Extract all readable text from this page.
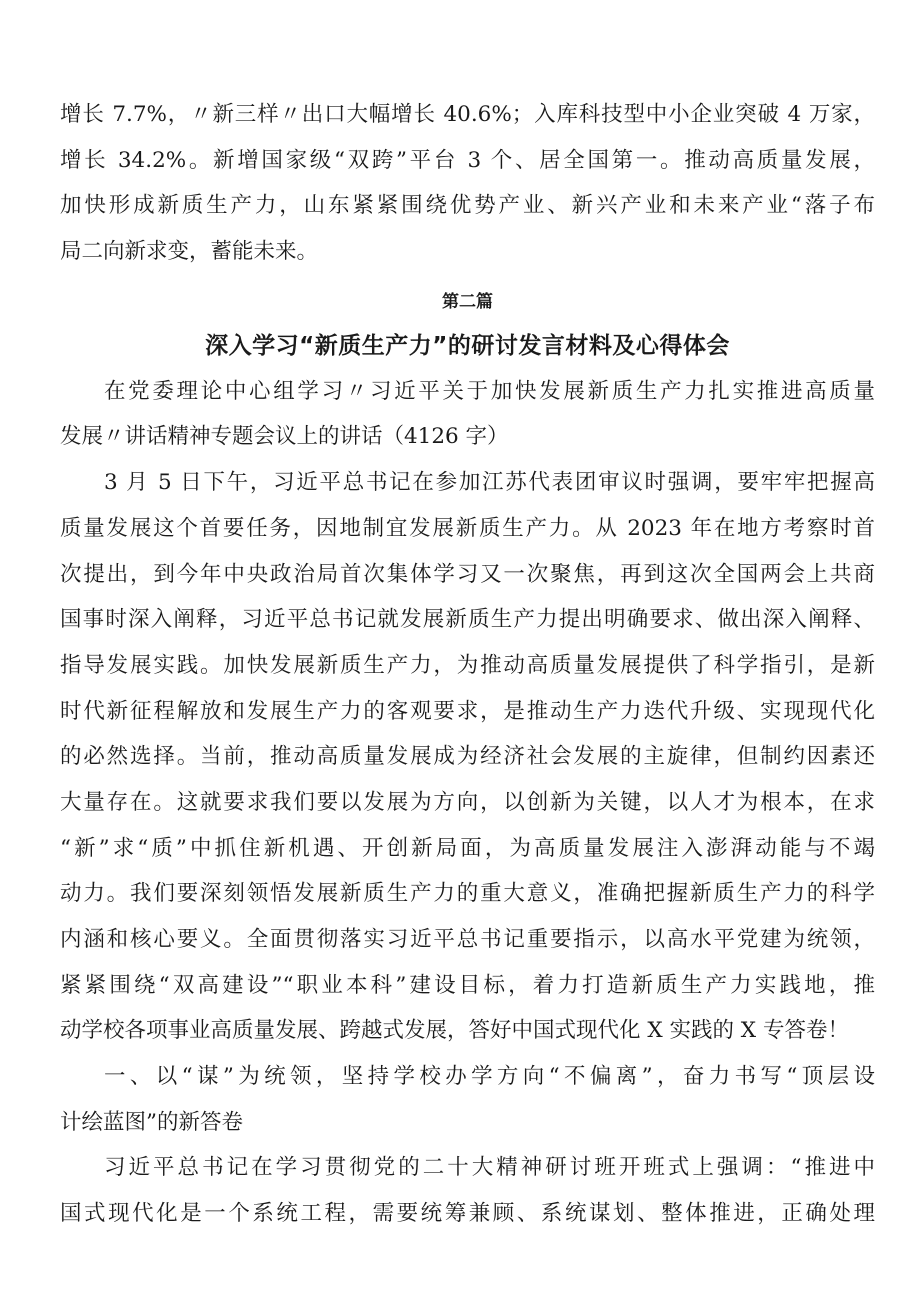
增长 7.7%，〃新三样〃出口大幅增长 40.6%；入库科技型中小企业突破 4 万家，
增长 34.2%。新增国家级“双跨”平台 3 个、居全国第一。推动高质量发展，
加快形成新质生产力，山东紧紧围绕优势产业、新兴产业和未来产业“落子布
局二向新求变，蓄能未来。
第二篇
深入学习“新质生产力”的研讨发言材料及心得体会
在党委理论中心组学习〃习近平关于加快发展新质生产力扎实推进高质量
发展〃讲话精神专题会议上的讲话（4126 字）
3 月 5 日下午，习近平总书记在参加江苏代表团审议时强调，要牢牢把握高
质量发展这个首要任务，因地制宜发展新质生产力。从 2023 年在地方考察时首
次提出，到今年中央政治局首次集体学习又一次聚焦，再到这次全国两会上共商
国事时深入阐释，习近平总书记就发展新质生产力提出明确要求、做出深入阐释、
指导发展实践。加快发展新质生产力，为推动高质量发展提供了科学指引，是新
时代新征程解放和发展生产力的客观要求，是推动生产力迭代升级、实现现代化
的必然选择。当前，推动高质量发展成为经济社会发展的主旋律，但制约因素还
大量存在。这就要求我们要以发展为方向，以创新为关键，以人才为根本，在求
“新”求“质”中抓住新机遇、开创新局面，为高质量发展注入澎湃动能与不竭
动力。我们要深刻领悟发展新质生产力的重大意义，准确把握新质生产力的科学
内涵和核心要义。全面贯彻落实习近平总书记重要指示，以高水平党建为统领，
紧紧围绕“双高建设”“职业本科”建设目标，着力打造新质生产力实践地，推
动学校各项事业高质量发展、跨越式发展，答好中国式现代化 X 实践的 X 专答卷！
一、以“谋”为统领，坚持学校办学方向“不偏离”，奋力书写“顶层设
计绘蓝图”的新答卷
习近平总书记在学习贯彻党的二十大精神研讨班开班式上强调：“推进中
国式现代化是一个系统工程，需要统筹兼顾、系统谋划、整体推进，正确处理
